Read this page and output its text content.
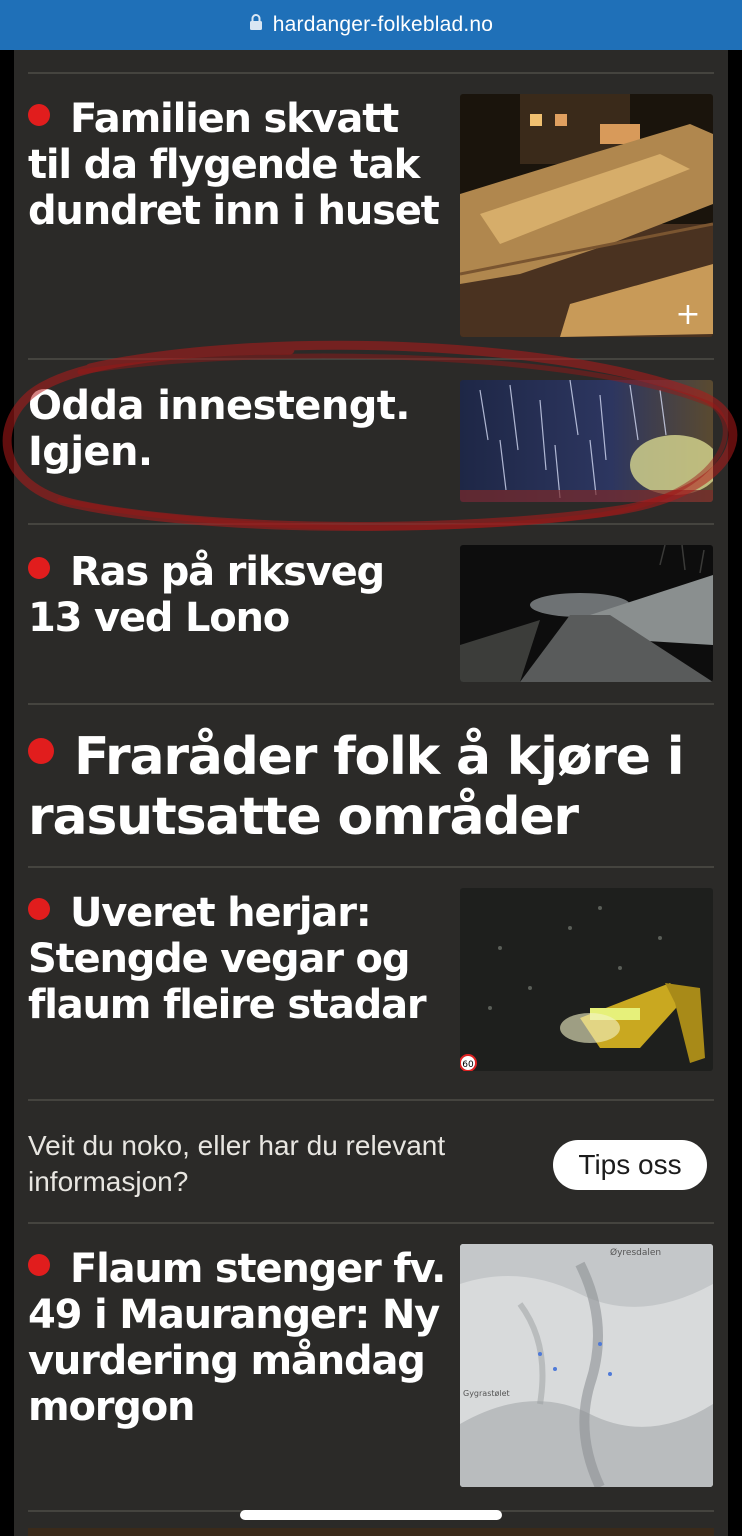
hardanger-folkeblad.no
Familien skvatt til da flygende tak dundret inn i huset
+
Odda innestengt. Igjen.
Ras på riksveg 13 ved Lono
Fraråder folk å kjøre i rasutsatte områder
Uveret herjar: Stengde vegar og flaum fleire stadar
60
Veit du noko, eller har du relevant informasjon?
Tips oss
Flaum stenger fv. 49 i Mauranger: Ny vurdering måndag morgon
Øyresdalen
Gygrastølet
